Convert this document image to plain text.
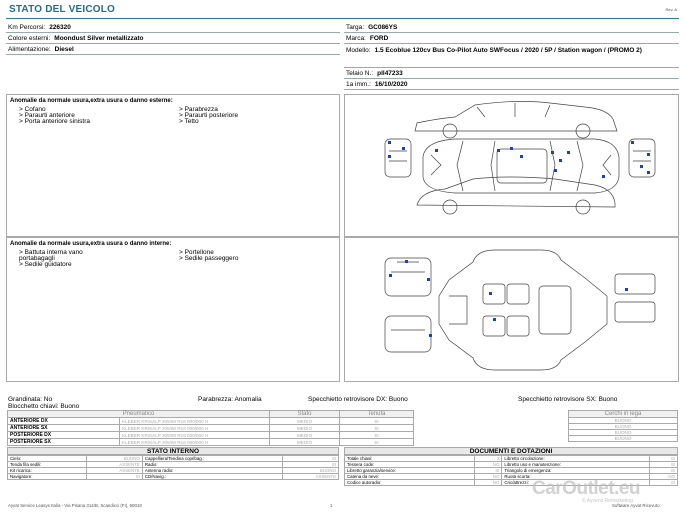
STATO DEL VEICOLO	Rev. A
Km Percorsi: 226320
Colore esterni: Moondust Silver metallizzato
Alimentazione: Diesel
Targa: GC086YS
Marca: FORD
Modello: 1.5 Ecoblue 120cv Bus Co-Pilot Auto SWFocus / 2020 / 5P / Station wagon / (PROMO 2)
Telaio N.: pll47233
1a imm.: 16/10/2020
Anomalie da normale usura,extra usura o danno esterne:
> Cofano
> Paraurti anteriore
> Porta anteriore sinistra
> Parabrezza
> Paraurti posteriore
> Tetto
Anomalie da normale usura,extra usura o danno interne:
> Battuta interna vano
portabagagli
> Sedile guidatore
> Portellone
> Sedile passeggero
Grandinata: No	Parabrezza: Anomalia	Specchietto retrovisore DX: Buono	Specchietto retrovisore SX: Buono
Blocchetto chiavi: Buono
Pneumatico		Stato	Tenuta
ANTERIORE DX	KLEBER KRISALP 205/60 R16 000/000 H	MEDIO	SI
ANTERIORE SX	KLEBER KRISALP 205/60 R16 000/000 H	MEDIO	SI
POSTERIORE DX	KLEBER KRISALP 205/60 R16 000/000 H	MEDIO	SI
POSTERIORE SX	KLEBER KRISALP 205/60 R16 000/000 H	MEDIO	SI
Cerchi in lega
BUONO
BUONO
BUONO
BUONO
STATO INTERNO
Cielo:	BUONO	Cappelliera/Tendina copribag.:	SI
Tenda fila sedili:	ASSENTE	Radio:	SI
Kit ricarica:	ASSENTE	Antenna radio:	BUONO
Navigatore:	SI	CD/Navig.:	ASSENTE
DOCUMENTI E DOTAZIONI
Totale chiavi:	2	Libretto circolazione:	SI
Tessera code:	NO	Libretto uso e manutenzione:	SI
Libretto garanzia/service:	SI	Triangolo di emergenza:	SI
Catena da neve:	NO	Ruota scorta:	NO
Codice autoradio:	NO	Cric/attrezzi:	SI
CarOutlet.eu
© Ayvens Remarketing
Ayvat Service Leasys Italia - Via Pisana 314/B, Scandicci (FI), 50018	1	Software Ayvat Ricevuto
